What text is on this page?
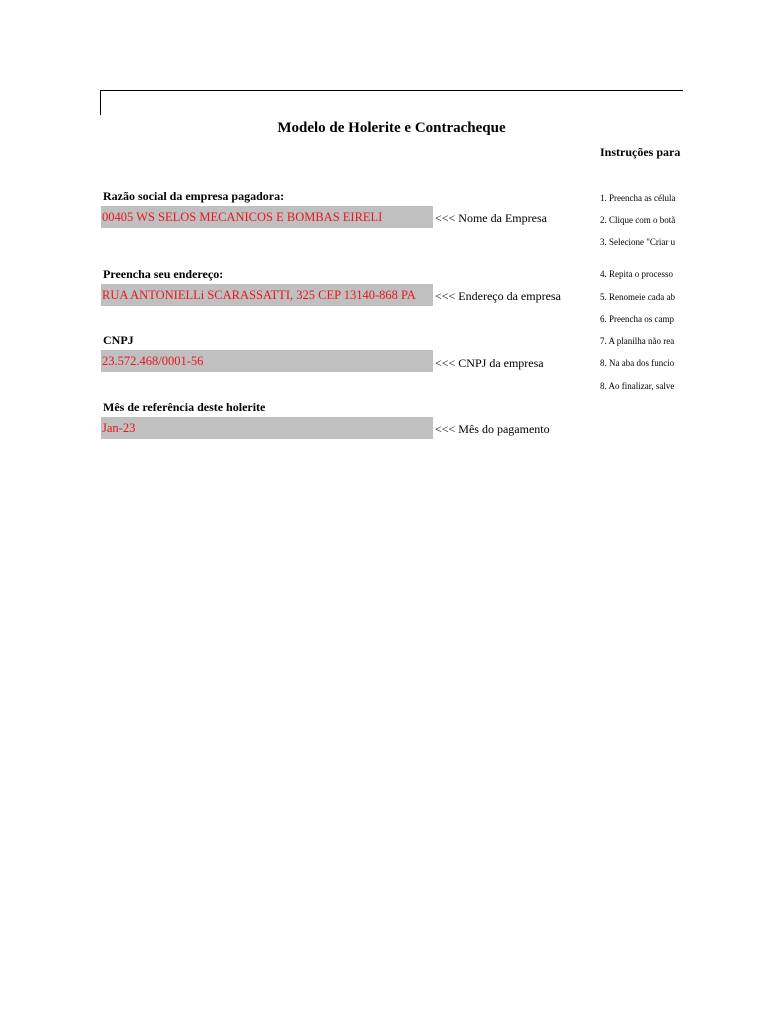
Modelo de Holerite e Contracheque
Instruções para
Razão social da empresa pagadora:
00405 WS SELOS MECANICOS E BOMBAS EIRELI	<<< Nome da Empresa
Preencha seu endereço:
RUA ANTONIELLi SCARASSATTI, 325 CEP 13140-868 PA	<<< Endereço da empresa
CNPJ
23.572.468/0001-56	<<< CNPJ da empresa
Mês de referência deste holerite
Jan-23	<<< Mês do pagamento
1. Preencha as célula
2. Clique com o botã
3. Selecione "Criar u
4. Repita o processo
5. Renomeie cada ab
6. Preencha os camp
7. A planilha não rea
8. Na aba dos funcio
8. Ao finalizar, salve
